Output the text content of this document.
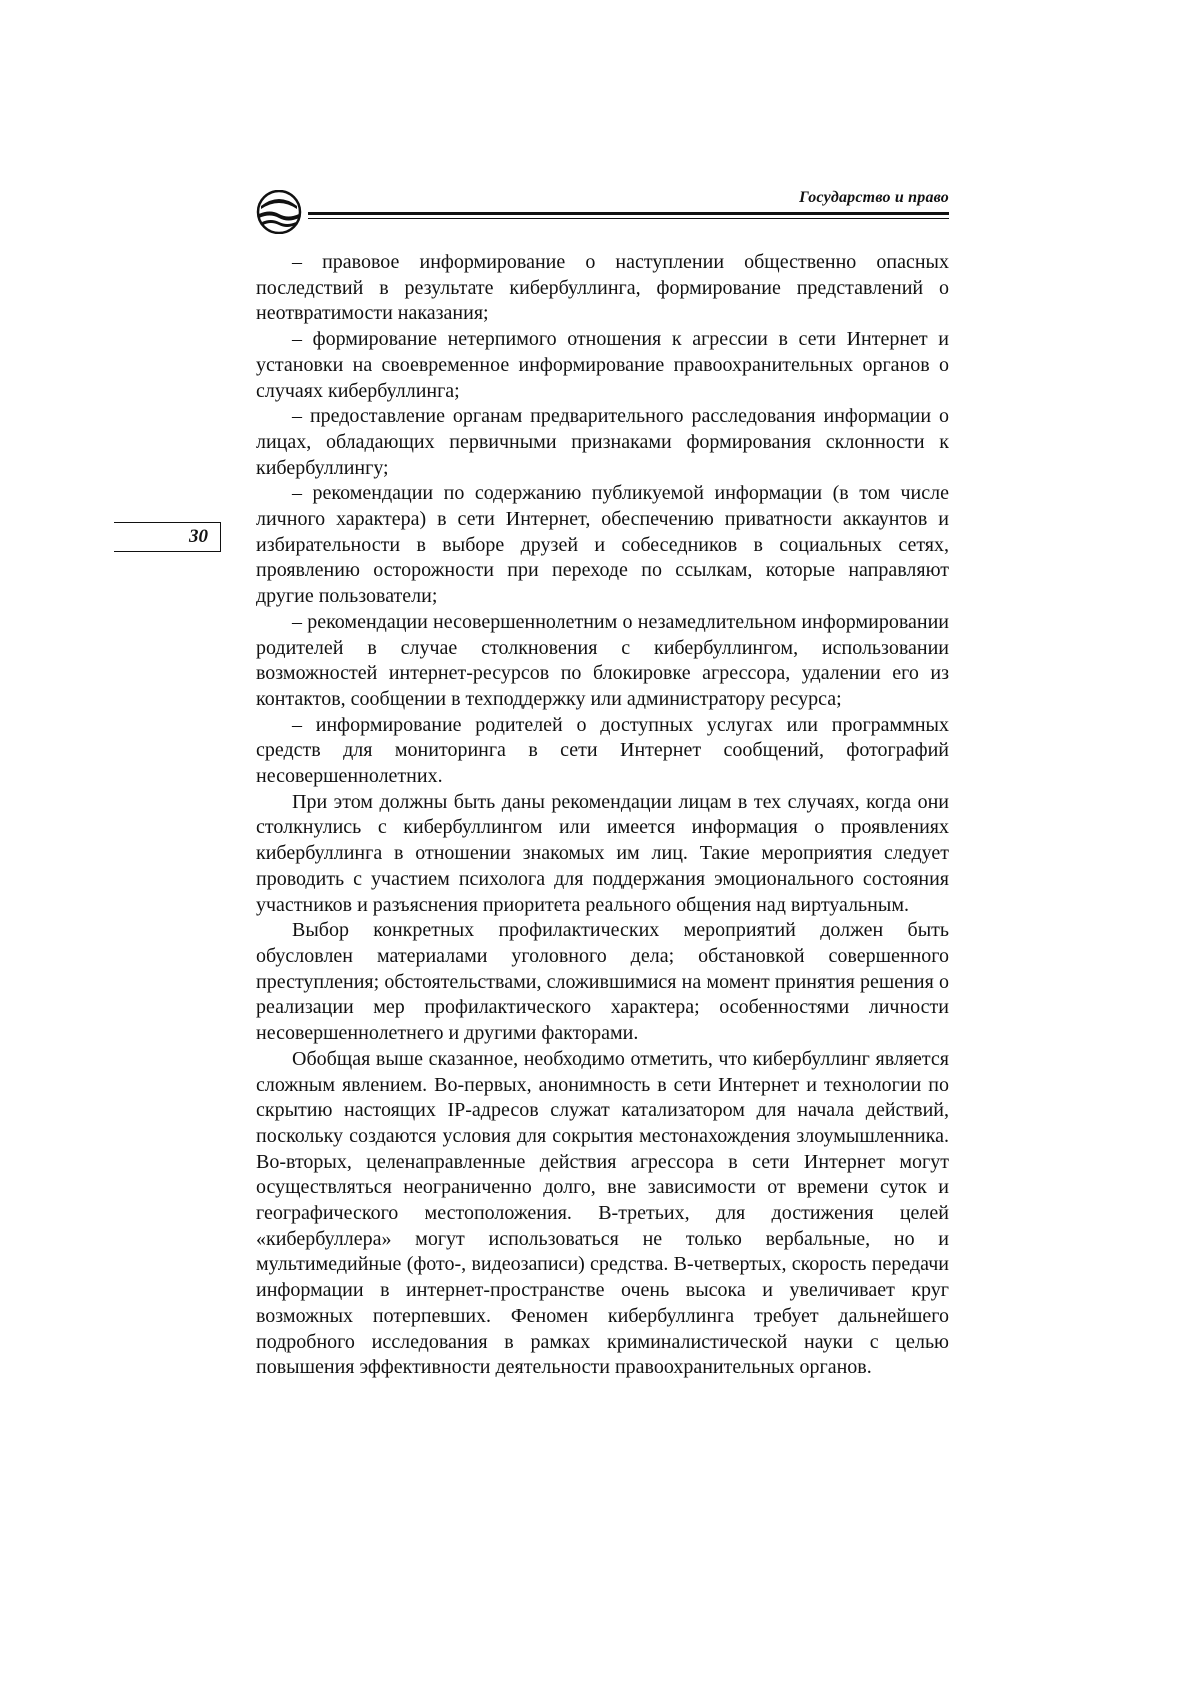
Государство и право
30

– правовое информирование о наступлении общественно опасных последствий в результате кибербуллинга, формирование представлений о неотвратимости наказания;

– формирование нетерпимого отношения к агрессии в сети Интернет и установки на своевременное информирование правоохранительных органов о случаях кибербуллинга;

– предоставление органам предварительного расследования информации о лицах, обладающих первичными признаками формирования склонности к кибербуллингу;

– рекомендации по содержанию публикуемой информации (в том числе личного характера) в сети Интернет, обеспечению приватности аккаунтов и избирательности в выборе друзей и собеседников в социальных сетях, проявлению осторожности при переходе по ссылкам, которые направляют другие пользователи;

– рекомендации несовершеннолетним о незамедлительном информировании родителей в случае столкновения с кибербуллингом, использовании возможностей интернет-ресурсов по блокировке агрессора, удалении его из контактов, сообщении в техподдержку или администратору ресурса;

– информирование родителей о доступных услугах или программных средств для мониторинга в сети Интернет сообщений, фотографий несовершеннолетних.

При этом должны быть даны рекомендации лицам в тех случаях, когда они столкнулись с кибербуллингом или имеется информация о проявлениях кибербуллинга в отношении знакомых им лиц. Такие мероприятия следует проводить с участием психолога для поддержания эмоционального состояния участников и разъяснения приоритета реального общения над виртуальным.

Выбор конкретных профилактических мероприятий должен быть обусловлен материалами уголовного дела; обстановкой совершенного преступления; обстоятельствами, сложившимися на момент принятия решения о реализации мер профилактического характера; особенностями личности несовершеннолетнего и другими факторами.

Обобщая выше сказанное, необходимо отметить, что кибербуллинг является сложным явлением. Во-первых, анонимность в сети Интернет и технологии по скрытию настоящих IP-адресов служат катализатором для начала действий, поскольку создаются условия для сокрытия местонахождения злоумышленника. Во-вторых, целенаправленные действия агрессора в сети Интернет могут осуществляться неограниченно долго, вне зависимости от времени суток и географического местоположения. В-третьих, для достижения целей «кибербуллера» могут использоваться не только вербальные, но и мультимедийные (фото-, видеозаписи) средства. В-четвертых, скорость передачи информации в интернет-пространстве очень высока и увеличивает круг возможных потерпевших. Феномен кибербуллинга требует дальнейшего подробного исследования в рамках криминалистической науки с целью повышения эффективности деятельности правоохранительных органов.
